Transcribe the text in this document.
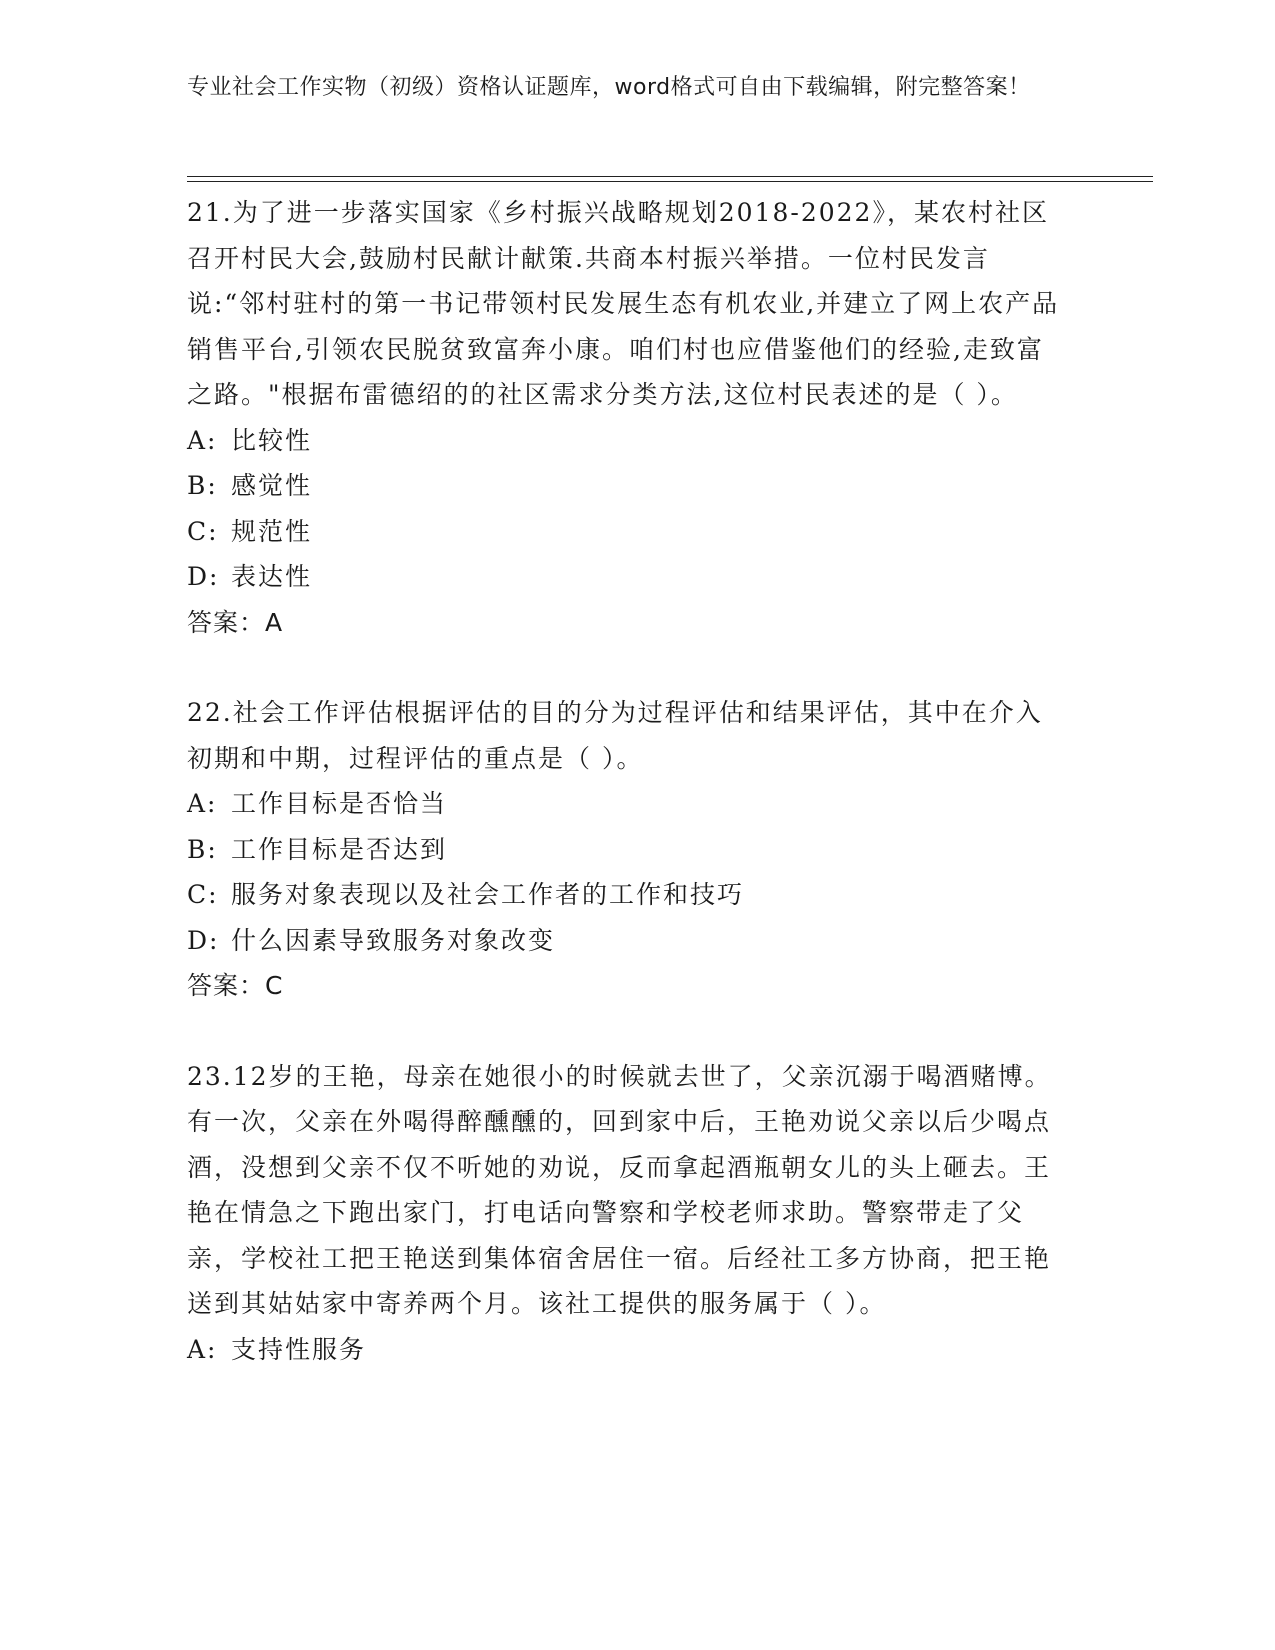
专业社会工作实物（初级）资格认证题库，word格式可自由下载编辑，附完整答案！

21.为了进一步落实国家《乡村振兴战略规划2018-2022》，某农村社区召开村民大会,鼓励村民献计献策.共商本村振兴举措。一位村民发言说:“邻村驻村的第一书记带领村民发展生态有机农业,并建立了网上农产品销售平台,引领农民脱贫致富奔小康。咱们村也应借鉴他们的经验,走致富之路。"根据布雷德绍的的社区需求分类方法,这位村民表述的是（ ）。

A: 比较性

B: 感觉性

C: 规范性

D: 表达性

答案：A

22.社会工作评估根据评估的目的分为过程评估和结果评估，其中在介入初期和中期，过程评估的重点是（ ）。

A: 工作目标是否恰当

B: 工作目标是否达到

C: 服务对象表现以及社会工作者的工作和技巧

D: 什么因素导致服务对象改变

答案：C

23.12岁的王艳，母亲在她很小的时候就去世了，父亲沉溺于喝酒赌博。有一次，父亲在外喝得醉醺醺的，回到家中后，王艳劝说父亲以后少喝点酒，没想到父亲不仅不听她的劝说，反而拿起酒瓶朝女儿的头上砸去。王艳在情急之下跑出家门，打电话向警察和学校老师求助。警察带走了父亲，学校社工把王艳送到集体宿舍居住一宿。后经社工多方协商，把王艳送到其姑姑家中寄养两个月。该社工提供的服务属于（ ）。

A: 支持性服务
